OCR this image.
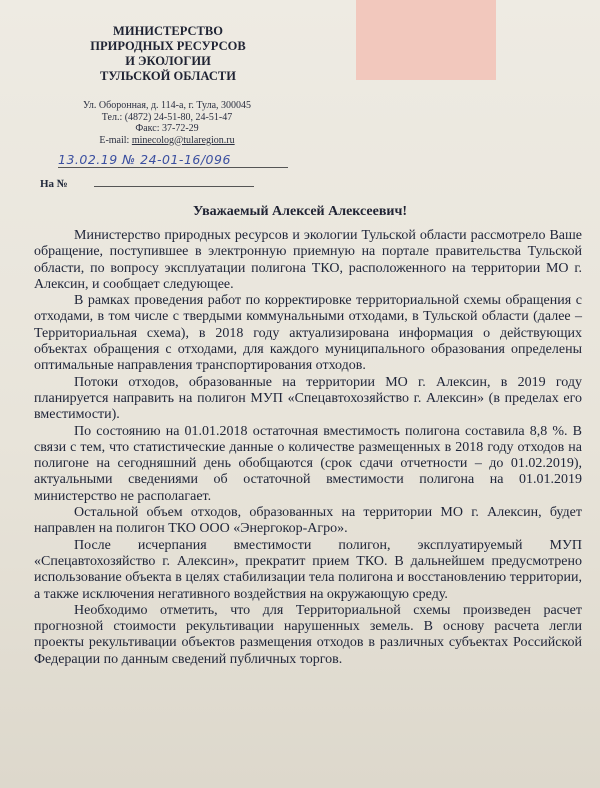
МИНИСТЕРСТВО
ПРИРОДНЫХ РЕСУРСОВ
И ЭКОЛОГИИ
ТУЛЬСКОЙ ОБЛАСТИ
Ул. Оборонная, д. 114-а, г. Тула, 300045
Тел.: (4872) 24-51-80, 24-51-47
Факс: 37-72-29
E-mail: minecolog@tularegion.ru
13.02.19 № 24-01-16/096
На №
Уважаемый Алексей Алексеевич!

Министерство природных ресурсов и экологии Тульской области рассмотрело Ваше обращение, поступившее в электронную приемную на портале правительства Тульской области, по вопросу эксплуатации полигона ТКО, расположенного на территории МО г. Алексин, и сообщает следующее.

В рамках проведения работ по корректировке территориальной схемы обращения с отходами, в том числе с твердыми коммунальными отходами, в Тульской области (далее – Территориальная схема), в 2018 году актуализирована информация о действующих объектах обращения с отходами, для каждого муниципального образования определены оптимальные направления транспортирования отходов.

Потоки отходов, образованные на территории МО г. Алексин, в 2019 году планируется направить на полигон МУП «Спецавтохозяйство г. Алексин» (в пределах его вместимости).

По состоянию на 01.01.2018 остаточная вместимость полигона составила 8,8 %. В связи с тем, что статистические данные о количестве размещенных в 2018 году отходов на полигоне на сегодняшний день обобщаются (срок сдачи отчетности – до 01.02.2019), актуальными сведениями об остаточной вместимости полигона на 01.01.2019 министерство не располагает.

Остальной объем отходов, образованных на территории МО г. Алексин, будет направлен на полигон ТКО ООО «Энергокор-Агро».

После исчерпания вместимости полигон, эксплуатируемый МУП «Спецавтохозяйство г. Алексин», прекратит прием ТКО. В дальнейшем предусмотрено использование объекта в целях стабилизации тела полигона и восстановлению территории, а также исключения негативного воздействия на окружающую среду.

Необходимо отметить, что для Территориальной схемы произведен расчет прогнозной стоимости рекультивации нарушенных земель. В основу расчета легли проекты рекультивации объектов размещения отходов в различных субъектах Российской Федерации по данным сведений публичных торгов.
